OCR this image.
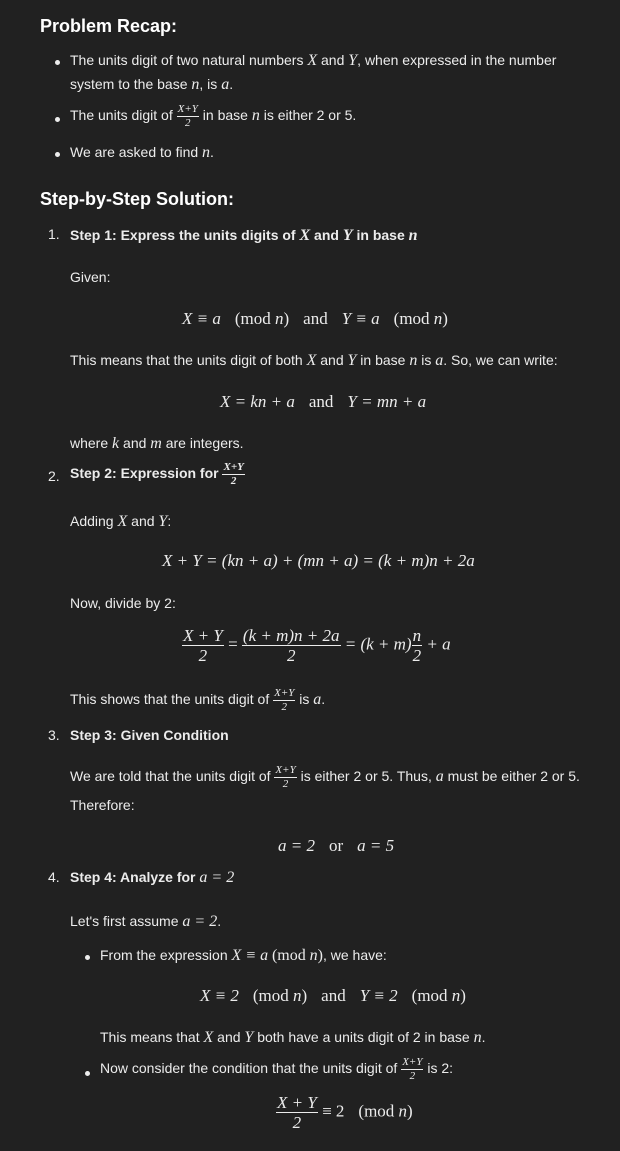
Problem Recap:
The units digit of two natural numbers X and Y, when expressed in the number
system to the base n, is a.
The units digit of $\frac{X+Y}{2}$ in base n is either 2 or 5.
We are asked to find n.
Step-by-Step Solution:
1. Step 1: Express the units digits of X and Y in base n
Given:
X ≡ a (mod n) and Y ≡ a (mod n)
This means that the units digit of both X and Y in base n is a. So, we can write:
X = kn + a and Y = mn + a
where k and m are integers.
2. Step 2: Expression for $\frac{X+Y}{2}$
Adding X and Y:
X + Y = (kn + a) + (mn + a) = (k + m)n + 2a
Now, divide by 2:
$\frac{X + Y}{2} = \frac{(k + m)n + 2a}{2} = (k + m) \frac{n}{2} + a$
This shows that the units digit of $\frac{X+Y}{2}$ is a.
3. Step 3: Given Condition
We are told that the units digit of $\frac{X+Y}{2}$ is either 2 or 5. Thus, a must be either 2 or 5.
Therefore:
a = 2 or a = 5
4. Step 4: Analyze for a = 2
Let's first assume a = 2.
From the expression X ≡ a (mod n), we have:
X ≡ 2 (mod n) and Y ≡ 2 (mod n)
This means that X and Y both have a units digit of 2 in base n.
Now consider the condition that the units digit of $\frac{X+Y}{2}$ is 2:
$\frac{X + Y}{2} \equiv 2$ (mod n)
